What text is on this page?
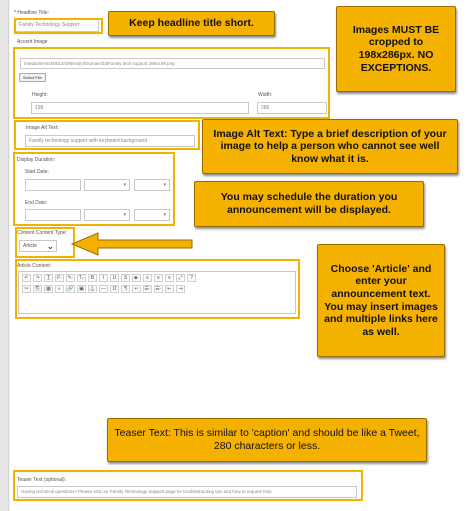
* Headline Title:
Family Technology Support
Accent Image
/media/WA0150013/4/Ministry/Domain/33/Family tech support 286x198.png
Select File
Height:
198
Width:
286
Image Alt Text:
Family technology support with keyboard background
Display Duration:
Start Date:
▾	▾
End Date:
▾	▾
Content Content Type:
Article ⌄
Article Content:
↶	↷	T̲	F·	✎·	Tᵢ·	B	I	U	S	■·	≡	≡	≡	⤢	?
✂	⎘	▦	◐	🔗	▣	⚓	—	Ω	¶	↵	☰· ☰·	⇤	⇥
Teaser Text (optional):
Having technical questions? Please visit our Family Technology Support page for troubleshooting tips and how to request help.
Keep headline title short.
Images MUST BE cropped to 198x286px. NO EXCEPTIONS.
Image Alt Text: Type a brief description of your image to help a person who cannot see well know what it is.
You may schedule the duration you announcement will be displayed.
Choose 'Article' and enter your announcement text. You may insert images and multiple links here as well.
Teaser Text: This is similar to 'caption' and should be like a Tweet, 280 characters or less.
